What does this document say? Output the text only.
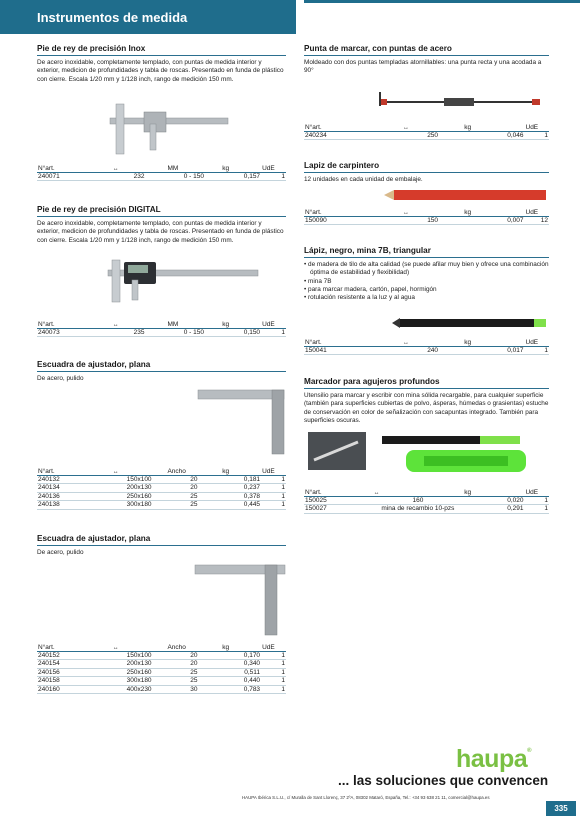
Instrumentos de medida
Pie de rey de precisión Inox
De acero inoxidable, completamente templado, con puntas de medida interior y exterior, medicion de profundidades y tabla de roscas. Presentado en funda de plástico con cierre. Escala 1/20 mm y 1/128 inch, rango de medición 150 mm.
N°art.	↔	MM	kg	UdE
240071	232	0 - 150	0,157	1
Pie de rey de precisión DIGITAL
De acero inoxidable, completamente templado, con puntas de medida interior y exterior, medicion de profundidades y tabla de roscas. Presentado en funda de plástico con cierre. Escala 1/20 mm y 1/128 inch, rango de medición 150 mm.
N°art.	↔	MM	kg	UdE
240073	235	0 - 150	0,150	1
Escuadra de ajustador, plana
De acero, pulido
N°art.	↔	Ancho	kg	UdE
240132	150x100	20	0,181	1
240134	200x130	20	0,237	1
240136	250x160	25	0,378	1
240138	300x180	25	0,445	1
Escuadra de ajustador, plana
De acero, pulido
N°art.	↔	Ancho	kg	UdE
240152	150x100	20	0,170	1
240154	200x130	20	0,340	1
240156	250x160	25	0,511	1
240158	300x180	25	0,440	1
240160	400x230	30	0,783	1
Punta de marcar, con puntas de acero
Moldeado con dos puntas templadas atornillables: una punta recta y una acodada a 90°
N°art.	↔	kg	UdE
240234	250	0,046	1
Lapiz de carpintero
12 unidades en cada unidad de embalaje.
N°art.	↔	kg	UdE
150090	150	0,007	12
Lápiz, negro, mina 7B, triangular
• de madera de tilo de alta calidad (se puede afilar muy bien y ofrece una combinación óptima de estabilidad y flexibilidad)
• mina 7B
• para marcar madera, cartón, papel, hormigón
• rotulación resistente a la luz y al agua
N°art.	↔	kg	UdE
150041	240	0,017	1
Marcador para agujeros profundos
Utensilio para marcar y escribir con mina sólida recargable, para cualquier superficie (también para superficies cubiertas de polvo, ásperas, húmedas o grasientas) estuche de conservación en color de señalización con sacapuntas integrado. También para superficies oscuras.
N°art.	↔	kg	UdE
150025	160	0,020	1
150027	mina de recambio 10-pzs	0,291	1
haupa®
... las soluciones que convencen
HAUPA Ibérica S.L.U., c/ Muralla de Sant Llorenç, 37 2ºA, 08302 Mataró, España, Tel.: +34 93 638 21 11, comercial@haupa.es
335
